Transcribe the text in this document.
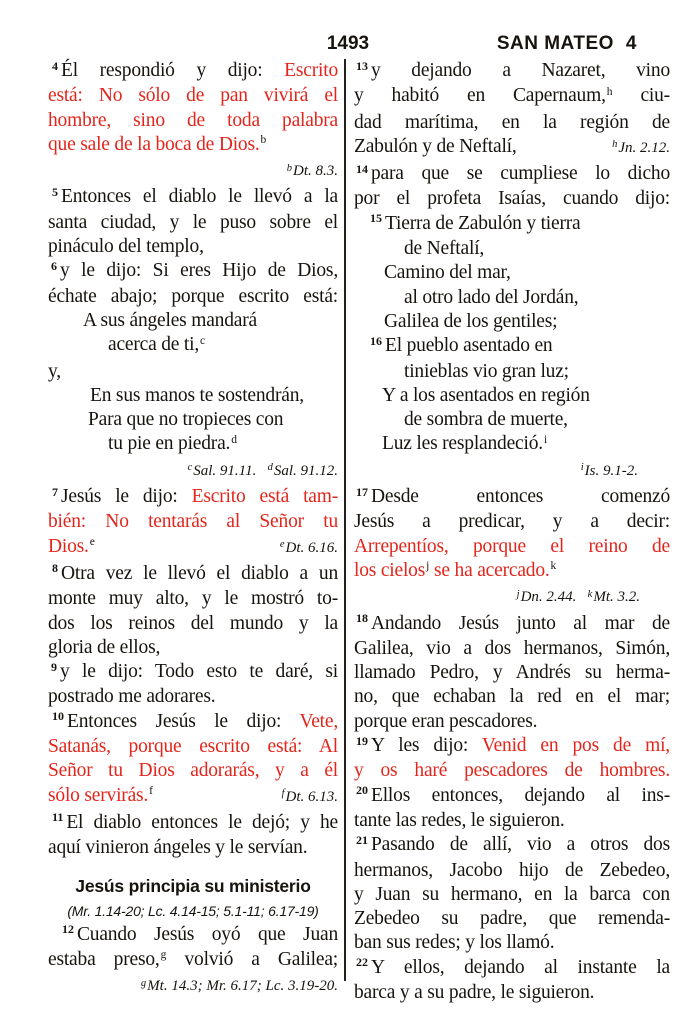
1493	SAN MATEO 4
$^4$ Él respondió y dijo: Escrito
está: No sólo de pan vivirá el
hombre, sino de toda palabra
que sale de la boca de Dios.$^b$
$^b$Dt. 8.3.
$^5$ Entonces el diablo le llevó a la
santa ciudad, y le puso sobre el
pináculo del templo,
$^6$ y le dijo: Si eres Hijo de Dios,
échate abajo; porque escrito está:
A sus ángeles mandará
acerca de ti,$^c$
y,
En sus manos te sostendrán,
Para que no tropieces con
tu pie en piedra.$^d$
$^c$Sal. 91.11. $^d$Sal. 91.12.
$^7$ Jesús le dijo: Escrito está tam-
bién: No tentarás al Señor tu
Dios.$^e$	$^e$Dt. 6.16.
$^8$ Otra vez le llevó el diablo a un
monte muy alto, y le mostró to-
dos los reinos del mundo y la
gloria de ellos,
$^9$ y le dijo: Todo esto te daré, si
postrado me adorares.
$^{10}$ Entonces Jesús le dijo: Vete,
Satanás, porque escrito está: Al
Señor tu Dios adorarás, y a él
sólo servirás.$^f$	$^f$Dt. 6.13.
$^{11}$ El diablo entonces le dejó; y he
aquí vinieron ángeles y le servían.
Jesús principia su ministerio
(Mr. 1.14-20; Lc. 4.14-15; 5.1-11; 6.17-19)
$^{12}$ Cuando Jesús oyó que Juan
estaba preso,$^g$ volvió a Galilea;
$^g$Mt. 14.3; Mr. 6.17; Lc. 3.19-20.
$^{13}$ y dejando a Nazaret, vino
y habitó en Capernaum,$^h$ ciu-
dad marítima, en la región de
Zabulón y de Neftalí,	$^h$Jn. 2.12.
$^{14}$ para que se cumpliese lo dicho
por el profeta Isaías, cuando dijo:
$^{15}$ Tierra de Zabulón y tierra
de Neftalí,
Camino del mar,
al otro lado del Jordán,
Galilea de los gentiles;
$^{16}$ El pueblo asentado en
tinieblas vio gran luz;
Y a los asentados en región
de sombra de muerte,
Luz les resplandeció.$^i$
$^i$Is. 9.1-2.
$^{17}$ Desde entonces comenzó
Jesús a predicar, y a decir:
Arrepentíos, porque el reino de
los cielos$^j$ se ha acercado.$^k$
$^j$Dn. 2.44. $^k$Mt. 3.2.
$^{18}$ Andando Jesús junto al mar de
Galilea, vio a dos hermanos, Simón,
llamado Pedro, y Andrés su herma-
no, que echaban la red en el mar;
porque eran pescadores.
$^{19}$ Y les dijo: Venid en pos de mí,
y os haré pescadores de hombres.
$^{20}$ Ellos entonces, dejando al ins-
tante las redes, le siguieron.
$^{21}$ Pasando de allí, vio a otros dos
hermanos, Jacobo hijo de Zebedeo,
y Juan su hermano, en la barca con
Zebedeo su padre, que remenda-
ban sus redes; y los llamó.
$^{22}$ Y ellos, dejando al instante la
barca y a su padre, le siguieron.
